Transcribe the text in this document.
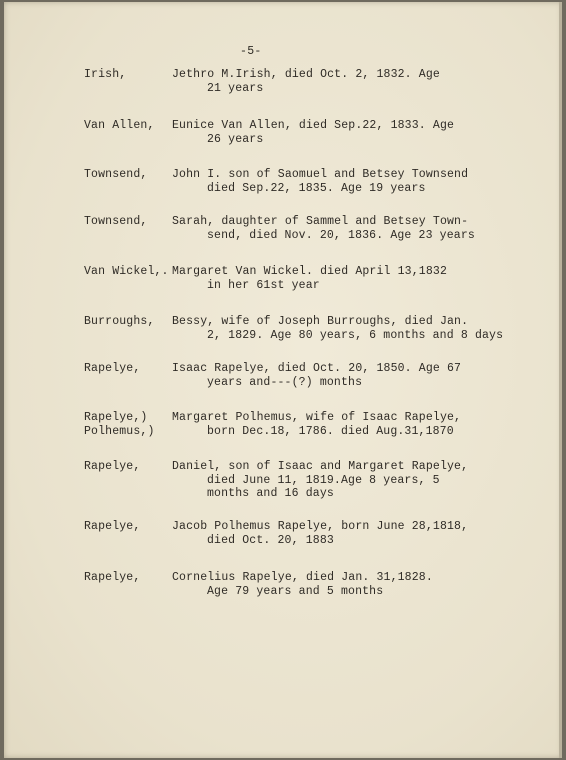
-5-
Irish,	Jethro M.Irish, died Oct. 2, 1832. Age
21 years
Van Allen, Eunice Van Allen, died Sep.22, 1833. Age
26 years
Townsend, John I. son of Saomuel and Betsey Townsend
died Sep.22, 1835. Age 19 years
Townsend, Sarah, daughter of Sammel and Betsey Town-
send, died Nov. 20, 1836. Age 23 years
Van Wickel,. Margaret Van Wickel. died April 13,1832
in her 61st year
Burroughs, Bessy, wife of Joseph Burroughs, died Jan.
2, 1829. Age 80 years, 6 months and 8 days
Rapelye,	Isaac Rapelye, died Oct. 20, 1850. Age 67
years and---(?) months
Rapelye,)
Polhemus,)
Margaret Polhemus, wife of Isaac Rapelye,
born Dec.18, 1786. died Aug.31,1870
Rapelye,	Daniel, son of Isaac and Margaret Rapelye,
died June 11, 1819.Age 8 years, 5
months and 16 days
Rapelye,	Jacob Polhemus Rapelye, born June 28,1818,
died Oct. 20, 1883
Rapelye,	Cornelius Rapelye, died Jan. 31,1828.
Age 79 years and 5 months
